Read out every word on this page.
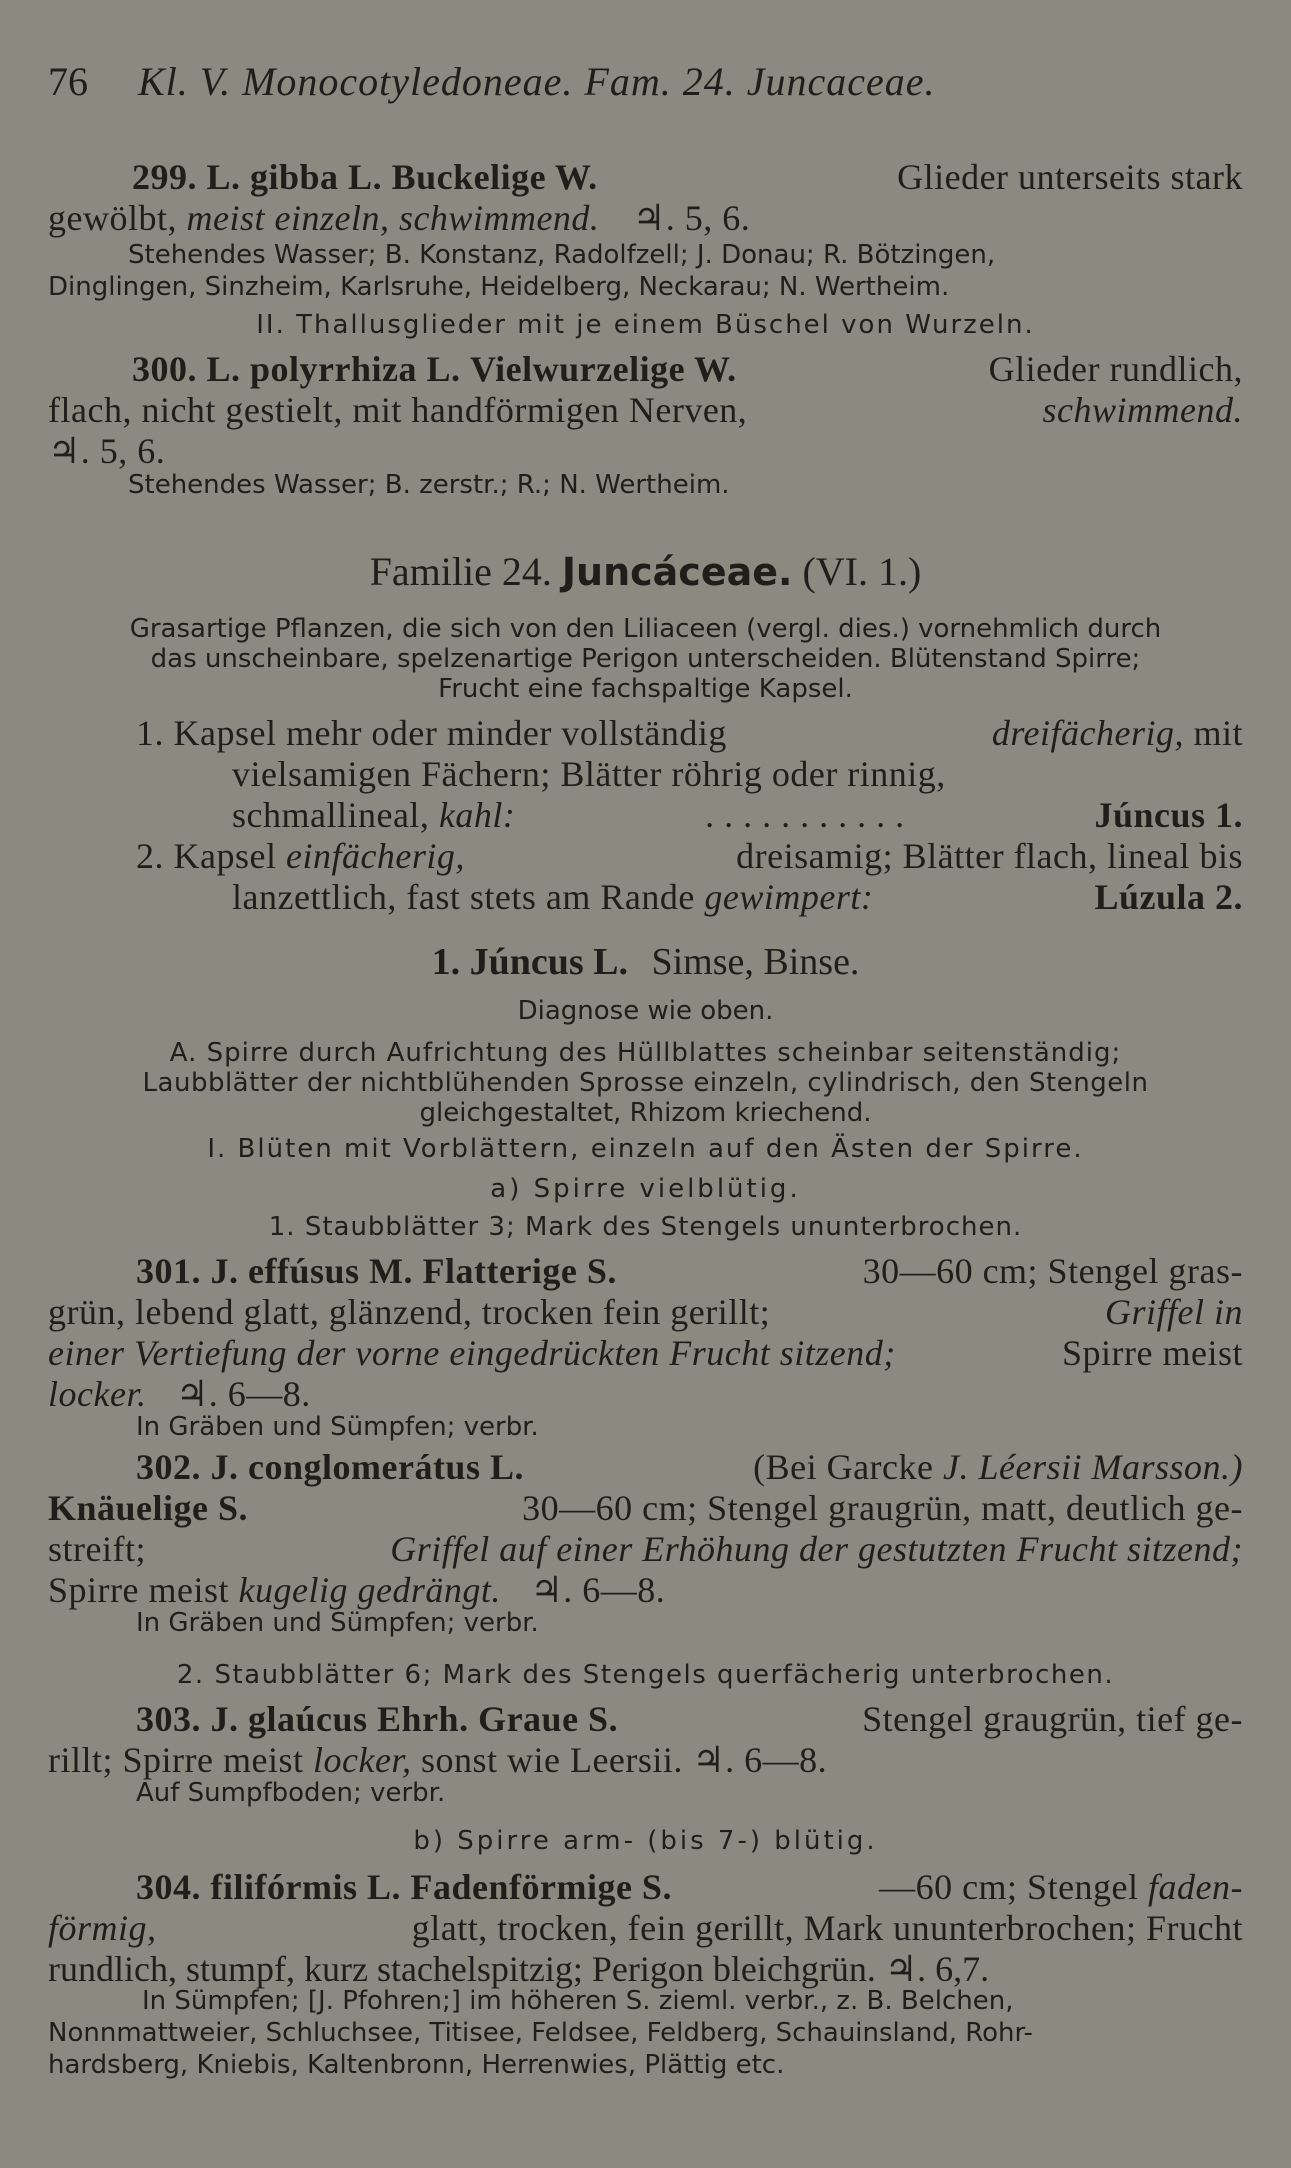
76 Kl. V. Monocotyledoneae. Fam. 24. Juncaceae.
299. L. gibba L. Buckelige W.	Glieder unterseits stark
gewölbt, meist einzeln, schwimmend. ♃. 5, 6.
Stehendes Wasser; B. Konstanz, Radolfzell; J. Donau; R. Bötzingen,
Dinglingen, Sinzheim, Karlsruhe, Heidelberg, Neckarau; N. Wertheim.
II. Thallusglieder mit je einem Büschel von Wurzeln.
300. L. polyrrhiza L. Vielwurzelige W.	Glieder rundlich,
flach, nicht gestielt, mit handförmigen Nerven,	schwimmend.
♃. 5, 6.
Stehendes Wasser; B. zerstr.; R.; N. Wertheim.
Familie 24. Juncáceae. (VI. 1.)
Grasartige Pflanzen, die sich von den Liliaceen (vergl. dies.) vornehmlich durch
das unscheinbare, spelzenartige Perigon unterscheiden. Blütenstand Spirre;
Frucht eine fachspaltige Kapsel.
1. Kapsel mehr oder minder vollständig	dreifächerig, mit
vielsamigen Fächern; Blätter röhrig oder rinnig,
schmallineal, kahl:	. . . . . . . . . . .	Júncus 1.
2. Kapsel einfächerig,	dreisamig; Blätter flach, lineal bis
lanzettlich, fast stets am Rande gewimpert:	Lúzula 2.
1. Júncus L. Simse, Binse.
Diagnose wie oben.
A. Spirre durch Aufrichtung des Hüllblattes scheinbar seitenständig;
Laubblätter der nichtblühenden Sprosse einzeln, cylindrisch, den Stengeln
gleichgestaltet, Rhizom kriechend.
I. Blüten mit Vorblättern, einzeln auf den Ästen der Spirre.
a) Spirre vielblütig.
1. Staubblätter 3; Mark des Stengels ununterbrochen.
301. J. effúsus M. Flatterige S.	30—60 cm; Stengel gras-
grün, lebend glatt, glänzend, trocken fein gerillt;	Griffel in
einer Vertiefung der vorne eingedrückten Frucht sitzend;	Spirre meist
locker. ♃. 6—8.
In Gräben und Sümpfen; verbr.
302. J. conglomerátus L.	(Bei Garcke J. Léersii Marsson.)
Knäuelige S.	30—60 cm; Stengel graugrün, matt, deutlich ge-
streift;	Griffel auf einer Erhöhung der gestutzten Frucht sitzend;
Spirre meist kugelig gedrängt. ♃. 6—8.
In Gräben und Sümpfen; verbr.
2. Staubblätter 6; Mark des Stengels querfächerig unterbrochen.
303. J. glaúcus Ehrh. Graue S.	Stengel graugrün, tief ge-
rillt; Spirre meist locker, sonst wie Leersii. ♃. 6—8.
Auf Sumpfboden; verbr.
b) Spirre arm- (bis 7-) blütig.
304. filifórmis L. Fadenförmige S.	—60 cm; Stengel faden-
förmig,	glatt, trocken, fein gerillt, Mark ununterbrochen; Frucht
rundlich, stumpf, kurz stachelspitzig; Perigon bleichgrün. ♃. 6,7.
In Sümpfen; [J. Pfohren;] im höheren S. zieml. verbr., z. B. Belchen,
Nonnmattweier, Schluchsee, Titisee, Feldsee, Feldberg, Schauinsland, Rohr-
hardsberg, Kniebis, Kaltenbronn, Herrenwies, Plättig etc.
